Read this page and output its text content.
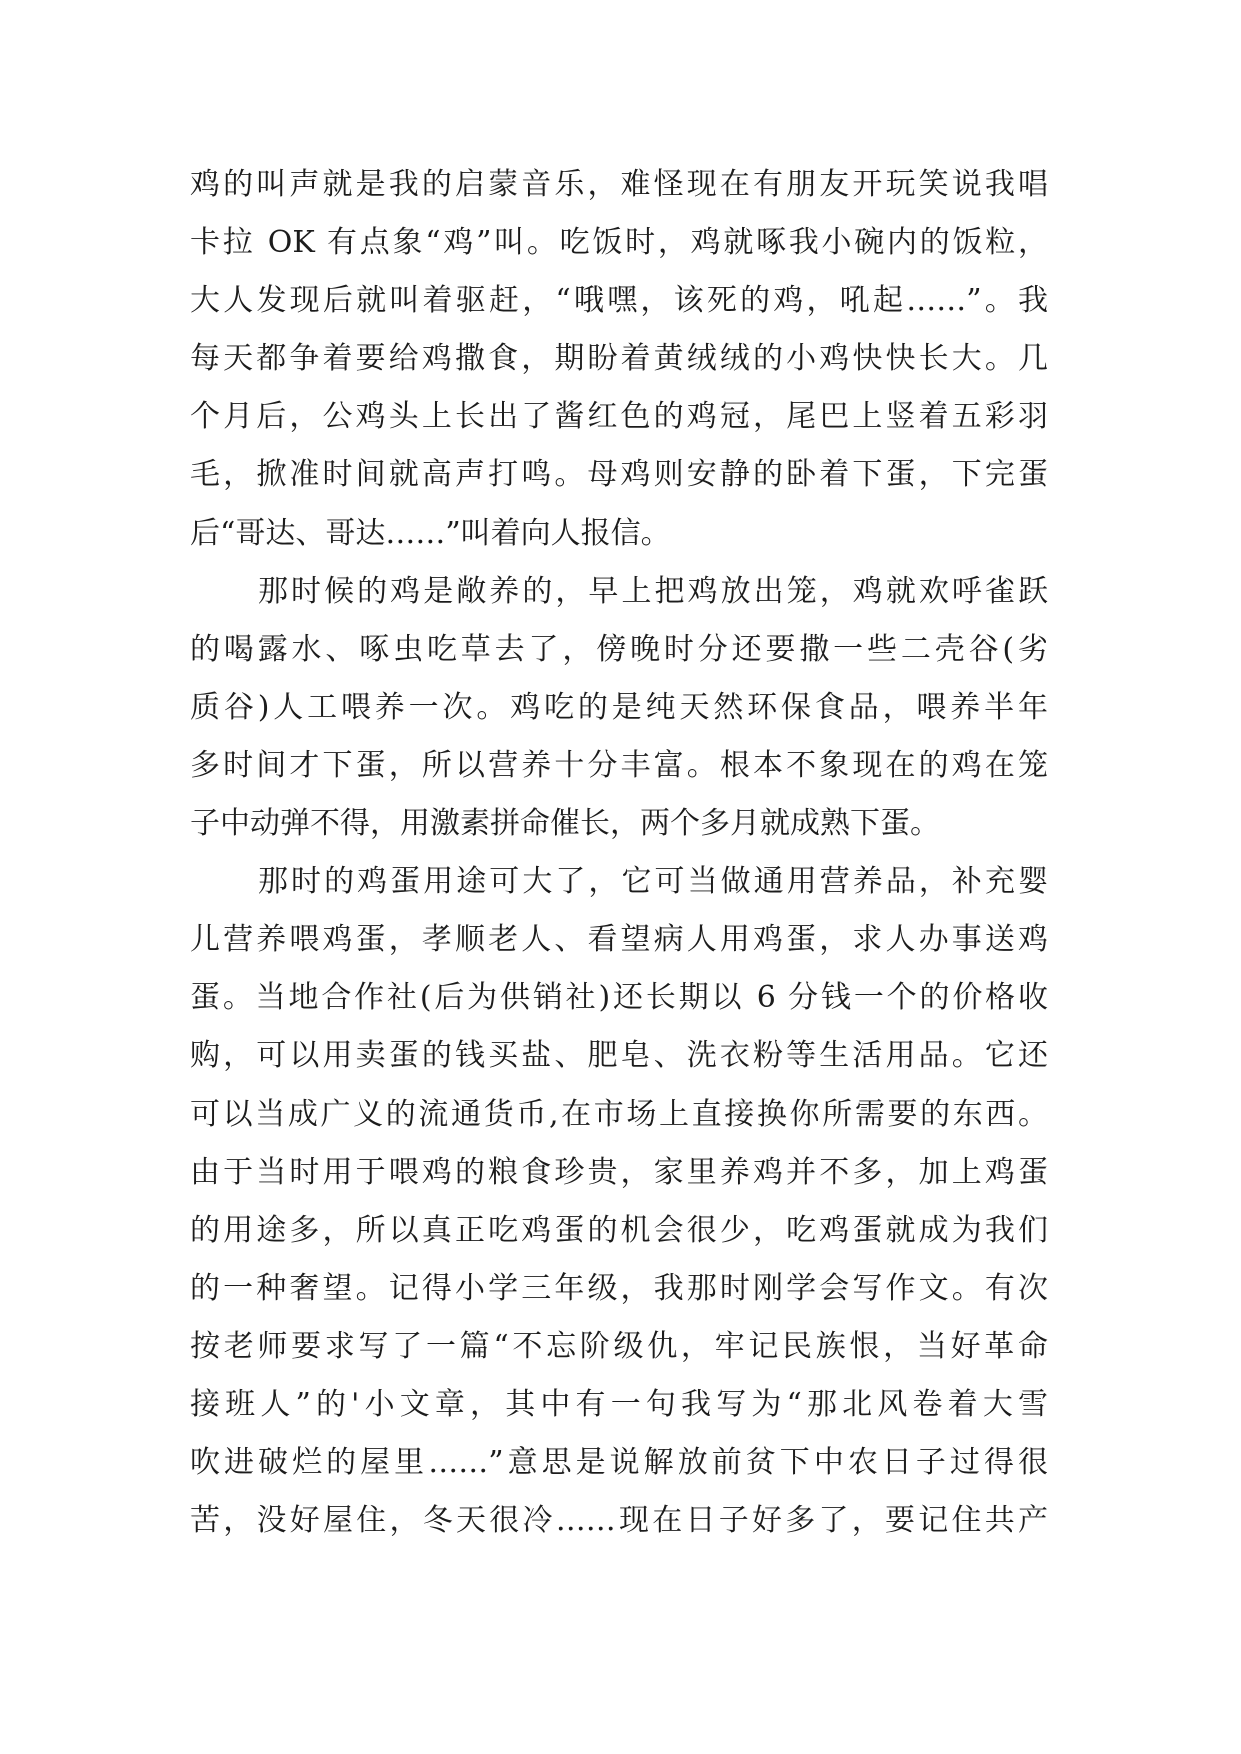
鸡的叫声就是我的启蒙音乐，难怪现在有朋友开玩笑说我唱
卡拉 OK 有点象“鸡”叫。吃饭时，鸡就啄我小碗内的饭粒，
大人发现后就叫着驱赶，“哦嘿，该死的鸡，吼起……”。我
每天都争着要给鸡撒食，期盼着黄绒绒的小鸡快快长大。几
个月后，公鸡头上长出了酱红色的鸡冠，尾巴上竖着五彩羽
毛，掀准时间就高声打鸣。母鸡则安静的卧着下蛋，下完蛋
后“哥达、哥达……”叫着向人报信。
那时候的鸡是敞养的，早上把鸡放出笼，鸡就欢呼雀跃
的喝露水、啄虫吃草去了，傍晚时分还要撒一些二壳谷(劣
质谷)人工喂养一次。鸡吃的是纯天然环保食品，喂养半年
多时间才下蛋，所以营养十分丰富。根本不象现在的鸡在笼
子中动弹不得，用激素拼命催长，两个多月就成熟下蛋。
那时的鸡蛋用途可大了，它可当做通用营养品，补充婴
儿营养喂鸡蛋，孝顺老人、看望病人用鸡蛋，求人办事送鸡
蛋。当地合作社(后为供销社)还长期以 6 分钱一个的价格收
购，可以用卖蛋的钱买盐、肥皂、洗衣粉等生活用品。它还
可以当成广义的流通货币,在市场上直接换你所需要的东西。
由于当时用于喂鸡的粮食珍贵，家里养鸡并不多，加上鸡蛋
的用途多，所以真正吃鸡蛋的机会很少，吃鸡蛋就成为我们
的一种奢望。记得小学三年级，我那时刚学会写作文。有次
按老师要求写了一篇“不忘阶级仇，牢记民族恨，当好革命
接班人”的'小文章，其中有一句我写为“那北风卷着大雪
吹进破烂的屋里……”意思是说解放前贫下中农日子过得很
苦，没好屋住，冬天很冷……现在日子好多了，要记住共产
